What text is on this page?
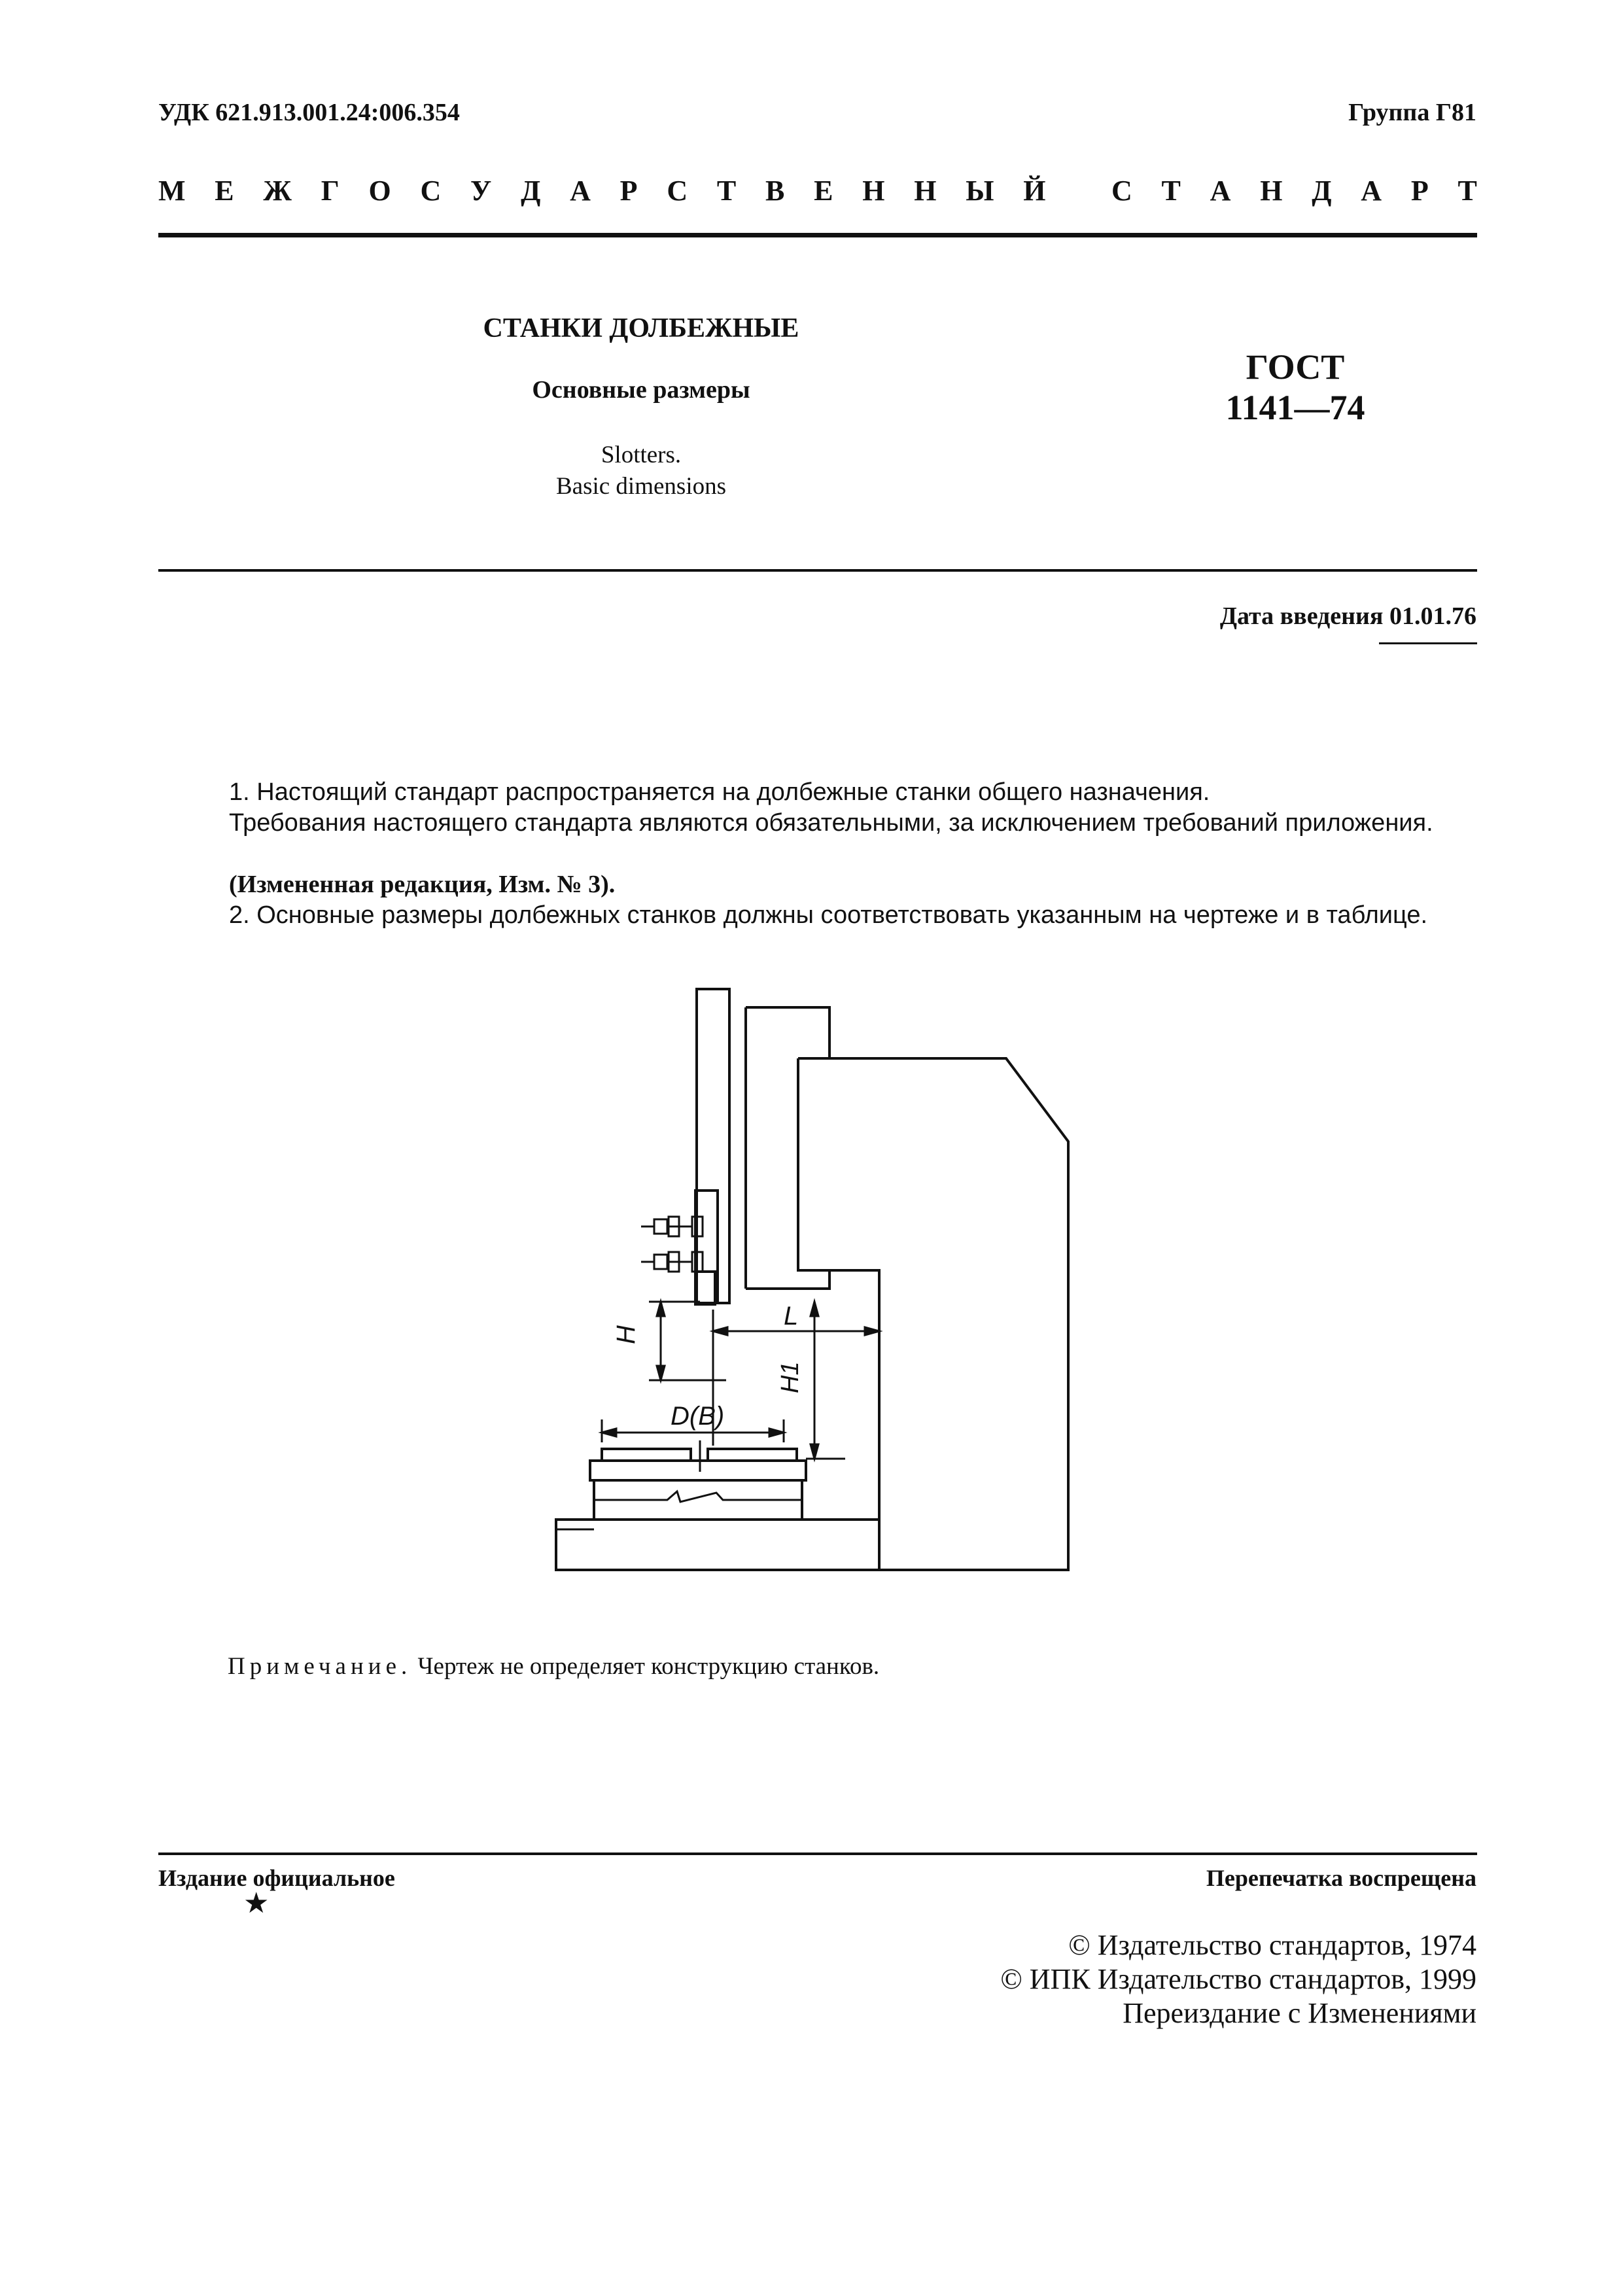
УДК 621.913.001.24:006.354	Группа Г81
М Е Ж Г О С У Д А Р С Т В Е Н Н Ы Й
С Т А Н Д А Р Т
СТАНКИ ДОЛБЕЖНЫЕ
Основные размеры
Slotters.
Basic dimensions
ГОСТ
1141—74
Дата введения 01.01.76
1. Настоящий стандарт распространяется на долбежные станки общего назначения.
Требования настоящего стандарта являются обязательными, за исключением требований приложения.
(Измененная редакция, Изм. № 3).
2. Основные размеры долбежных станков должны соответствовать указанным на чертеже и в таблице.
H
L
H1
D(B)
Примечание. Чертеж не определяет конструкцию станков.
Издание официальное
★
Перепечатка воспрещена
© Издательство стандартов, 1974
© ИПК Издательство стандартов, 1999
Переиздание с Изменениями
